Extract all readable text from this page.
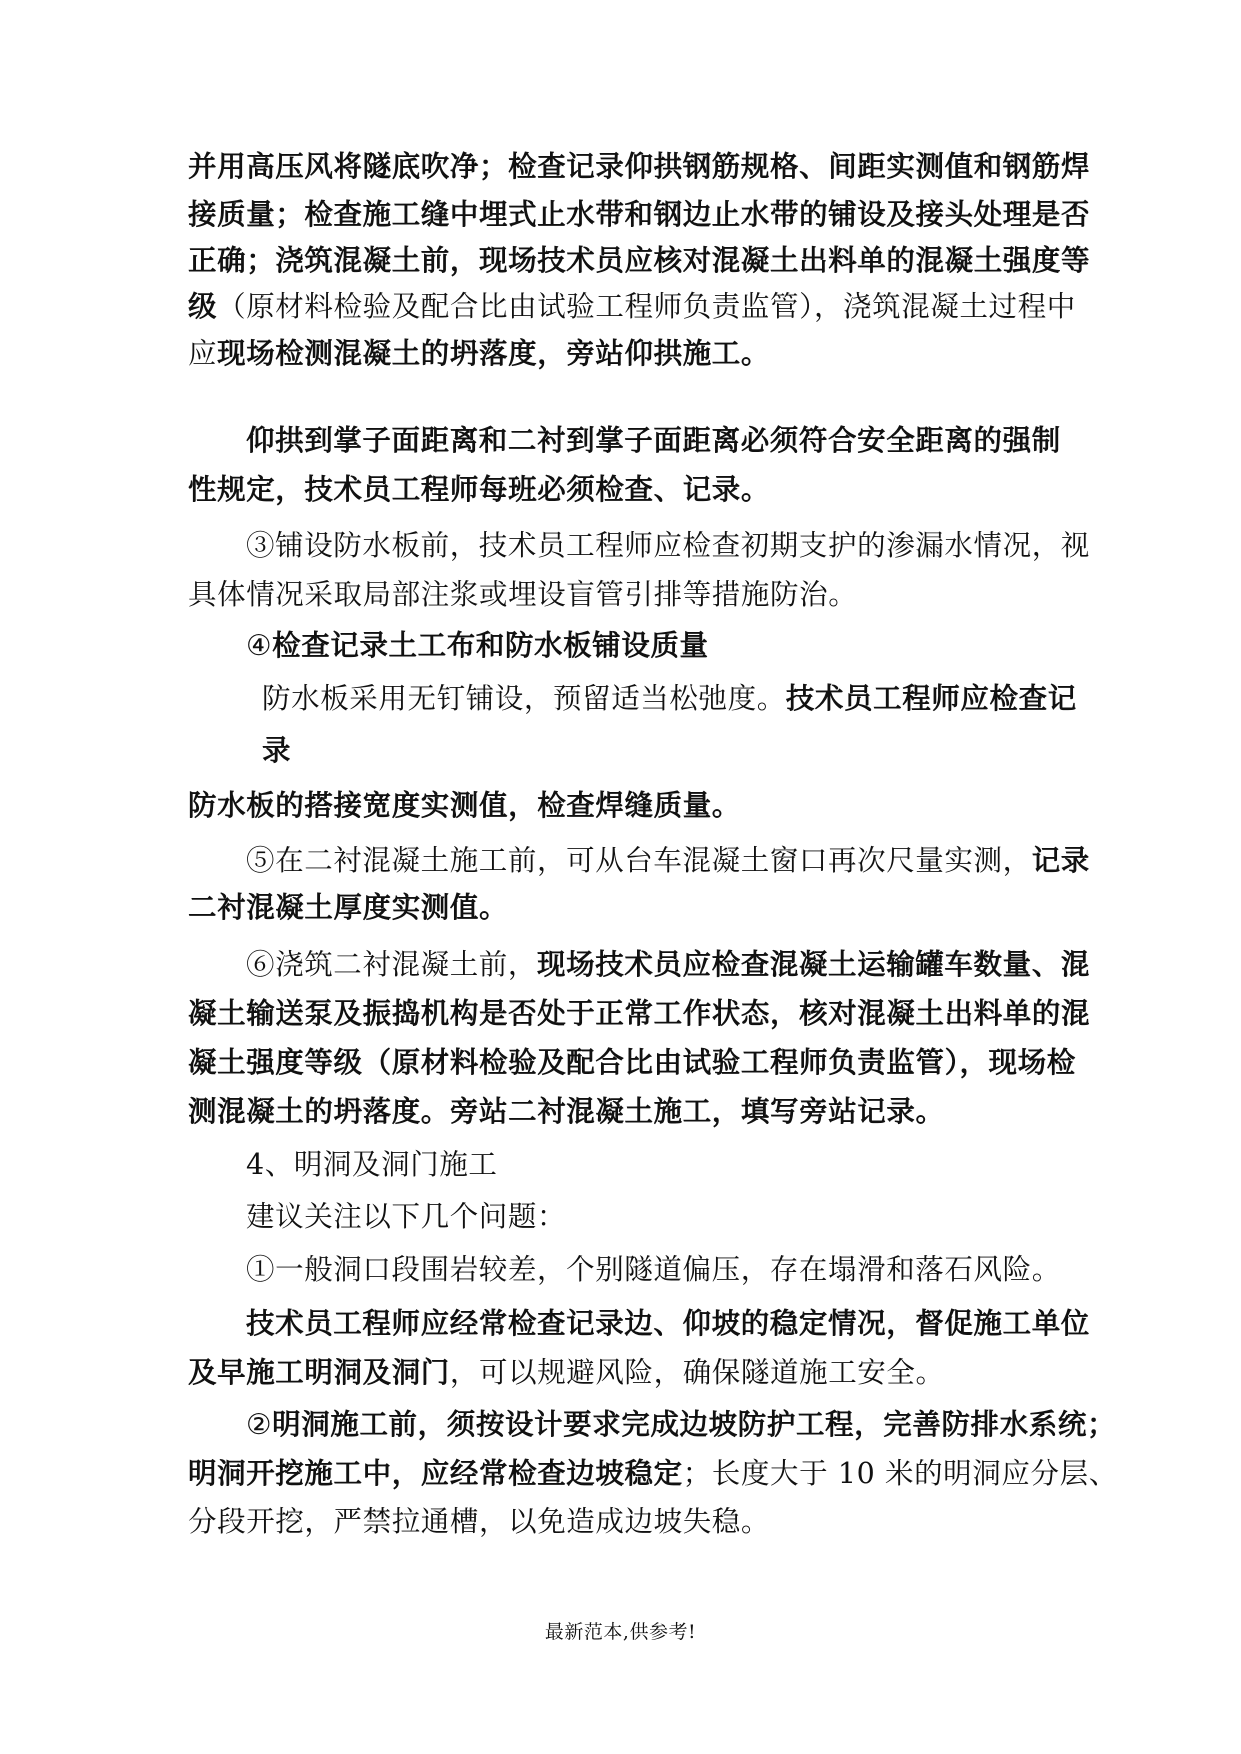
并用高压风将隧底吹净；检查记录仰拱钢筋规格、间距实测值和钢筋焊
接质量；检查施工缝中埋式止水带和钢边止水带的铺设及接头处理是否
正确；浇筑混凝土前，现场技术员应核对混凝土出料单的混凝土强度等
级（原材料检验及配合比由试验工程师负责监管），浇筑混凝土过程中
应现场检测混凝土的坍落度，旁站仰拱施工。
仰拱到掌子面距离和二衬到掌子面距离必须符合安全距离的强制
性规定，技术员工程师每班必须检查、记录。
③铺设防水板前，技术员工程师应检查初期支护的渗漏水情况，视
具体情况采取局部注浆或埋设盲管引排等措施防治。
④检查记录土工布和防水板铺设质量
防水板采用无钉铺设，预留适当松弛度。技术员工程师应检查记
录
防水板的搭接宽度实测值，检查焊缝质量。
⑤在二衬混凝土施工前，可从台车混凝土窗口再次尺量实测，记录
二衬混凝土厚度实测值。
⑥浇筑二衬混凝土前，现场技术员应检查混凝土运输罐车数量、混
凝土输送泵及振捣机构是否处于正常工作状态，核对混凝土出料单的混
凝土强度等级（原材料检验及配合比由试验工程师负责监管），现场检
测混凝土的坍落度。旁站二衬混凝土施工，填写旁站记录。
4、明洞及洞门施工
建议关注以下几个问题：
①一般洞口段围岩较差，个别隧道偏压，存在塌滑和落石风险。
技术员工程师应经常检查记录边、仰坡的稳定情况，督促施工单位
及早施工明洞及洞门，可以规避风险，确保隧道施工安全。
②明洞施工前，须按设计要求完成边坡防护工程，完善防排水系统；
明洞开挖施工中，应经常检查边坡稳定；长度大于 10 米的明洞应分层、
分段开挖，严禁拉通槽，以免造成边坡失稳。
最新范本,供参考!
